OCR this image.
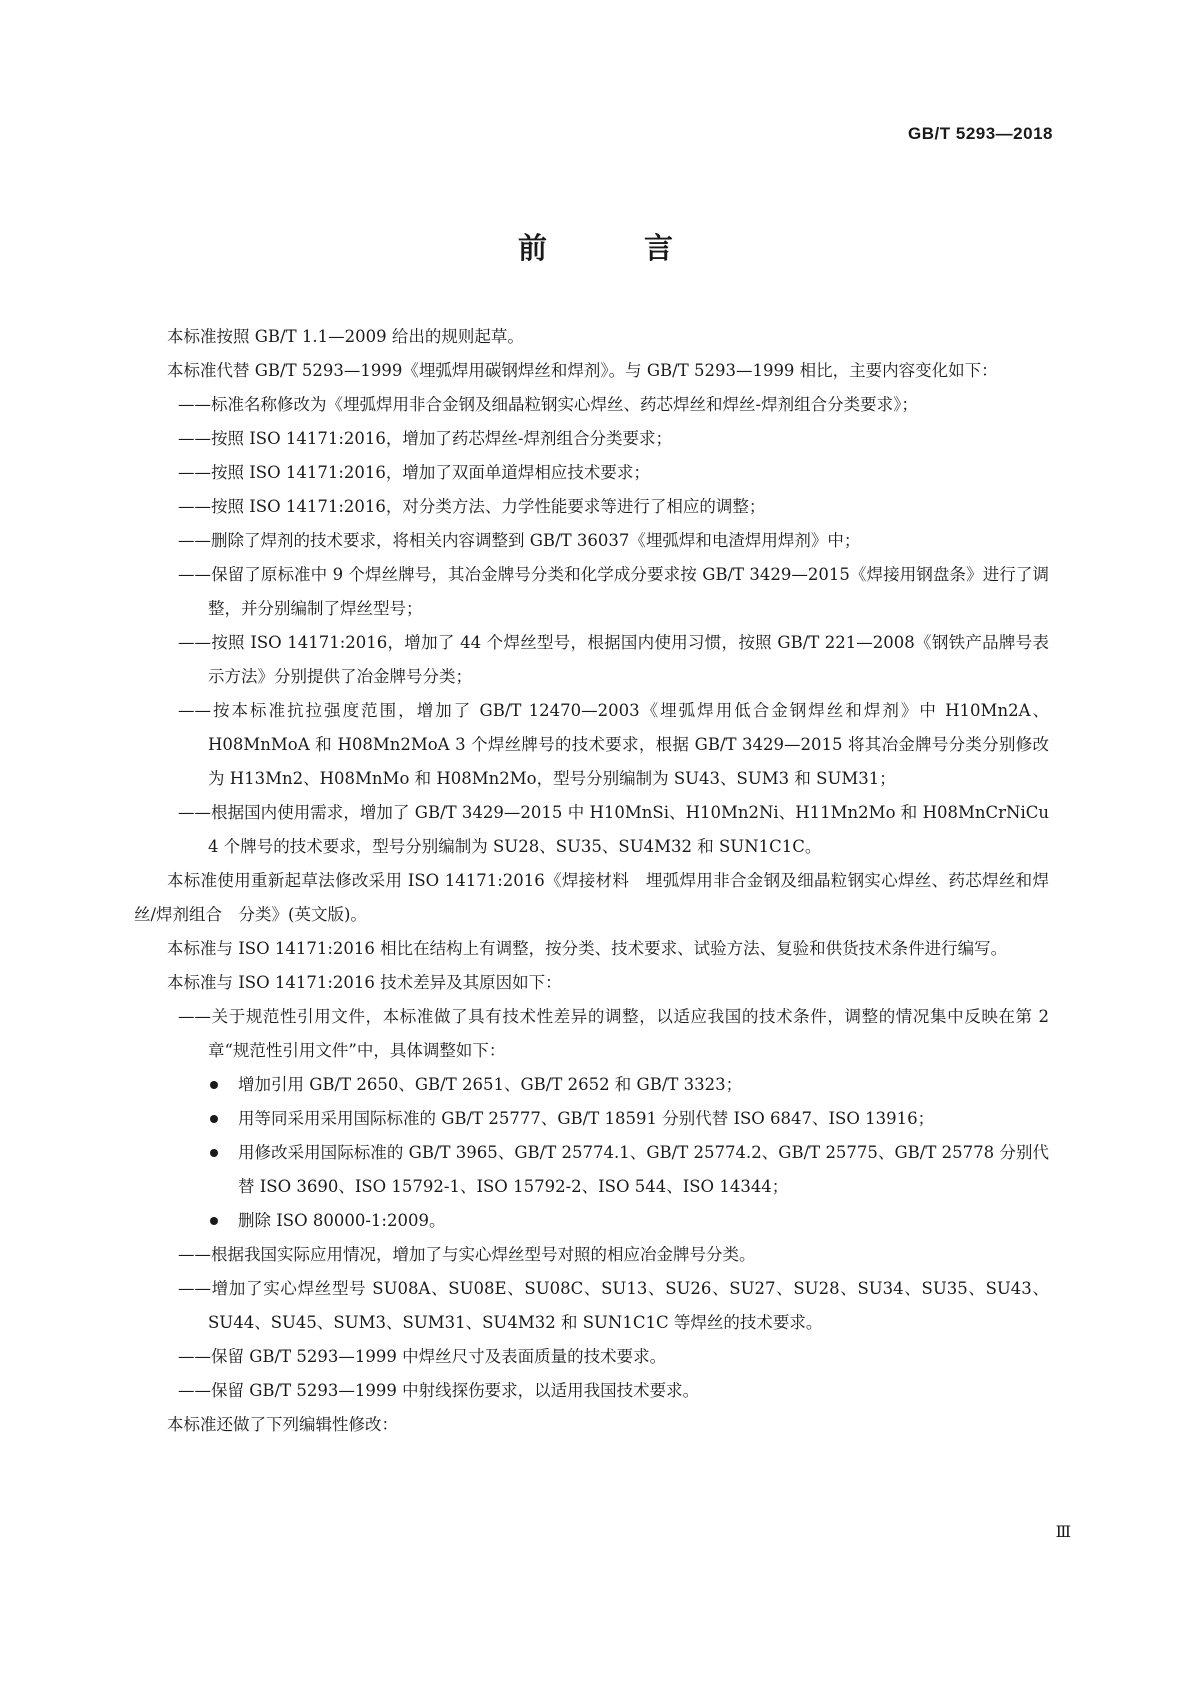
GB/T 5293—2018
前　言

本标准按照 GB/T 1.1—2009 给出的规则起草。

本标准代替 GB/T 5293—1999《埋弧焊用碳钢焊丝和焊剂》。与 GB/T 5293—1999 相比，主要内容变化如下：

——标准名称修改为《埋弧焊用非合金钢及细晶粒钢实心焊丝、药芯焊丝和焊丝-焊剂组合分类要求》；

——按照 ISO 14171:2016，增加了药芯焊丝-焊剂组合分类要求；

——按照 ISO 14171:2016，增加了双面单道焊相应技术要求；

——按照 ISO 14171:2016，对分类方法、力学性能要求等进行了相应的调整；

——删除了焊剂的技术要求，将相关内容调整到 GB/T 36037《埋弧焊和电渣焊用焊剂》中；

——保留了原标准中 9 个焊丝牌号，其冶金牌号分类和化学成分要求按 GB/T 3429—2015《焊接用钢盘条》进行了调整，并分别编制了焊丝型号；

——按照 ISO 14171:2016，增加了 44 个焊丝型号，根据国内使用习惯，按照 GB/T 221—2008《钢铁产品牌号表示方法》分别提供了冶金牌号分类；

——按本标准抗拉强度范围，增加了 GB/T 12470—2003《埋弧焊用低合金钢焊丝和焊剂》中 H10Mn2A、H08MnMoA 和 H08Mn2MoA 3 个焊丝牌号的技术要求，根据 GB/T 3429—2015 将其冶金牌号分类分别修改为 H13Mn2、H08MnMo 和 H08Mn2Mo，型号分别编制为 SU43、SUM3 和 SUM31；

——根据国内使用需求，增加了 GB/T 3429—2015 中 H10MnSi、H10Mn2Ni、H11Mn2Mo 和 H08MnCrNiCu 4 个牌号的技术要求，型号分别编制为 SU28、SU35、SU4M32 和 SUN1C1C。

本标准使用重新起草法修改采用 ISO 14171:2016《焊接材料　埋弧焊用非合金钢及细晶粒钢实心焊丝、药芯焊丝和焊丝/焊剂组合　分类》(英文版)。

本标准与 ISO 14171:2016 相比在结构上有调整，按分类、技术要求、试验方法、复验和供货技术条件进行编写。

本标准与 ISO 14171:2016 技术差异及其原因如下：

——关于规范性引用文件，本标准做了具有技术性差异的调整，以适应我国的技术条件，调整的情况集中反映在第 2 章“规范性引用文件”中，具体调整如下：

增加引用 GB/T 2650、GB/T 2651、GB/T 2652 和 GB/T 3323；
用等同采用采用国际标准的 GB/T 25777、GB/T 18591 分别代替 ISO 6847、ISO 13916；
用修改采用国际标准的 GB/T 3965、GB/T 25774.1、GB/T 25774.2、GB/T 25775、GB/T 25778 分别代替 ISO 3690、ISO 15792-1、ISO 15792-2、ISO 544、ISO 14344；
删除 ISO 80000-1:2009。

——根据我国实际应用情况，增加了与实心焊丝型号对照的相应冶金牌号分类。

——增加了实心焊丝型号 SU08A、SU08E、SU08C、SU13、SU26、SU27、SU28、SU34、SU35、SU43、SU44、SU45、SUM3、SUM31、SU4M32 和 SUN1C1C 等焊丝的技术要求。

——保留 GB/T 5293—1999 中焊丝尺寸及表面质量的技术要求。

——保留 GB/T 5293—1999 中射线探伤要求，以适用我国技术要求。

本标准还做了下列编辑性修改：

Ⅲ
